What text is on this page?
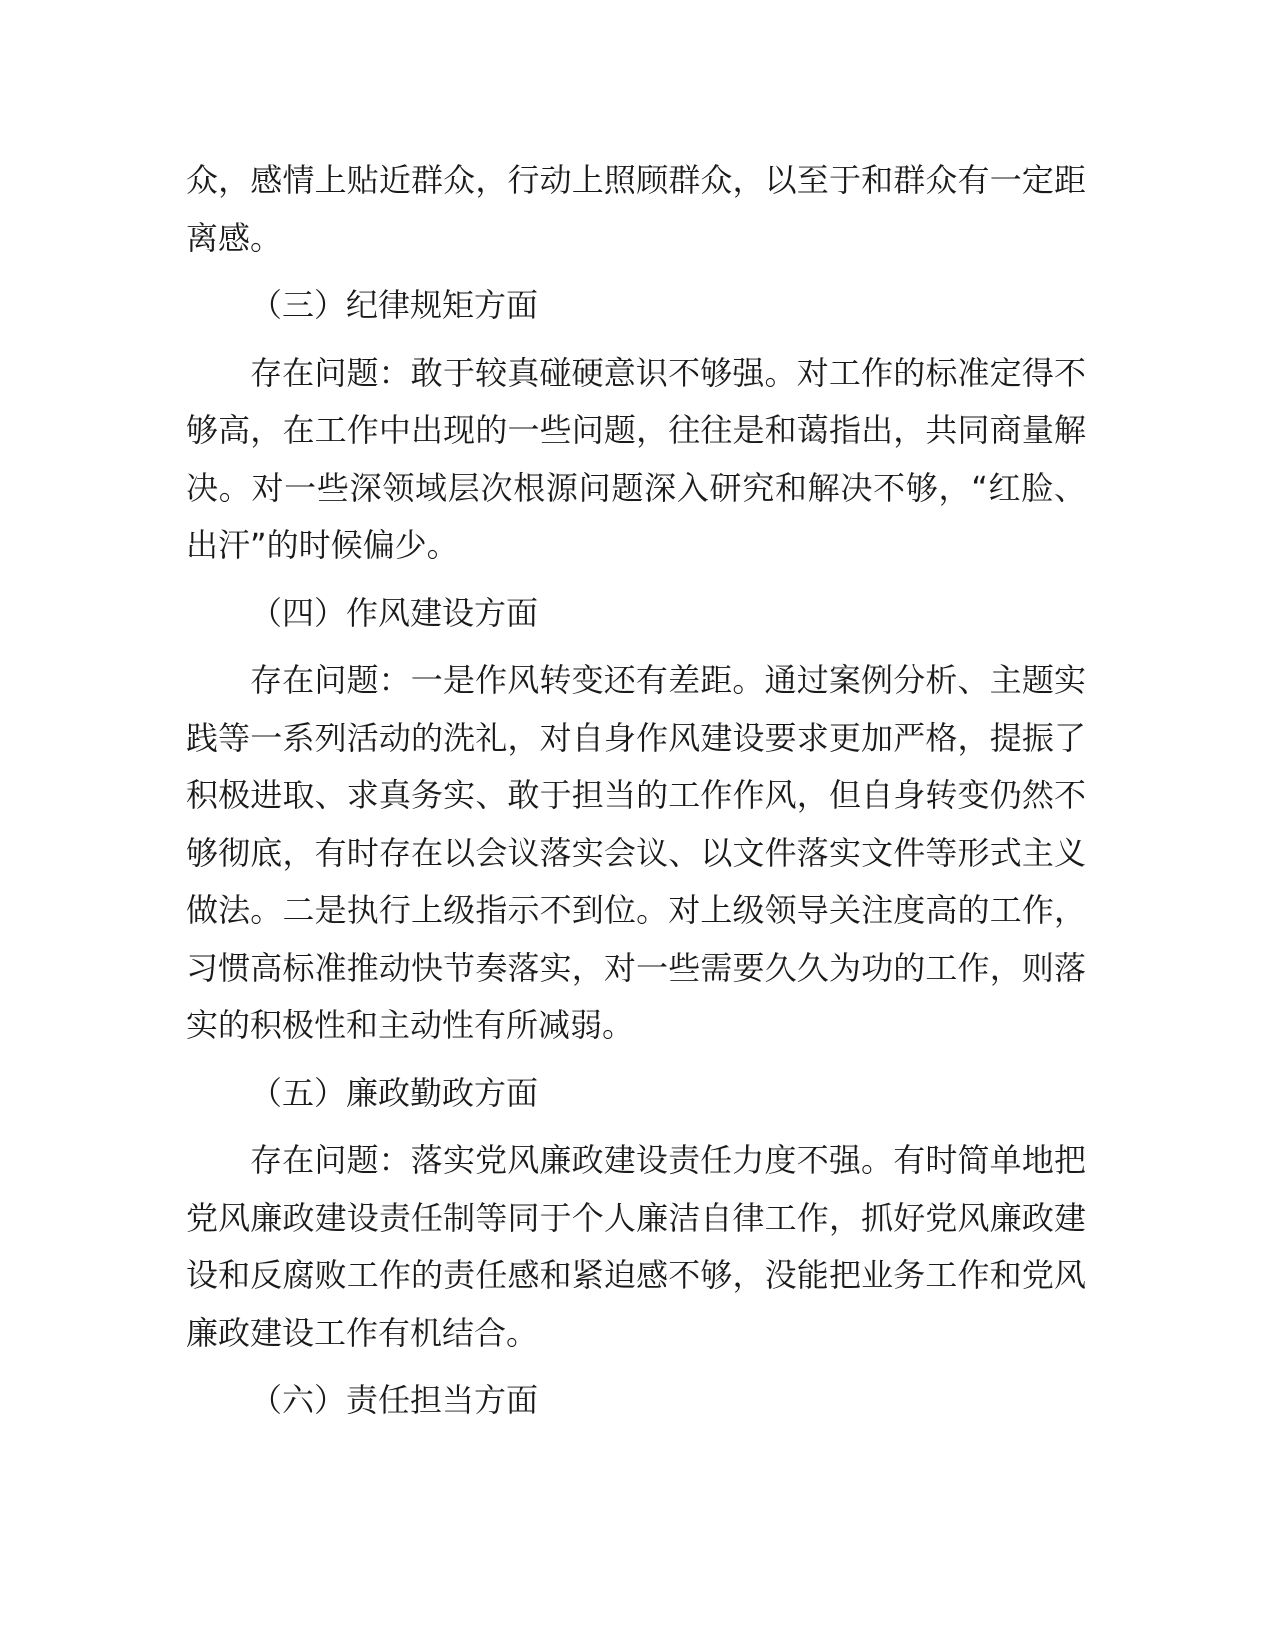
众，感情上贴近群众，行动上照顾群众，以至于和群众有一定距离感。

（三）纪律规矩方面

存在问题：敢于较真碰硬意识不够强。对工作的标准定得不够高，在工作中出现的一些问题，往往是和蔼指出，共同商量解决。对一些深领域层次根源问题深入研究和解决不够，“红脸、出汗”的时候偏少。

（四）作风建设方面

存在问题：一是作风转变还有差距。通过案例分析、主题实践等一系列活动的洗礼，对自身作风建设要求更加严格，提振了积极进取、求真务实、敢于担当的工作作风，但自身转变仍然不够彻底，有时存在以会议落实会议、以文件落实文件等形式主义做法。二是执行上级指示不到位。对上级领导关注度高的工作，习惯高标准推动快节奏落实，对一些需要久久为功的工作，则落实的积极性和主动性有所减弱。

（五）廉政勤政方面

存在问题：落实党风廉政建设责任力度不强。有时简单地把党风廉政建设责任制等同于个人廉洁自律工作，抓好党风廉政建设和反腐败工作的责任感和紧迫感不够，没能把业务工作和党风廉政建设工作有机结合。

（六）责任担当方面
